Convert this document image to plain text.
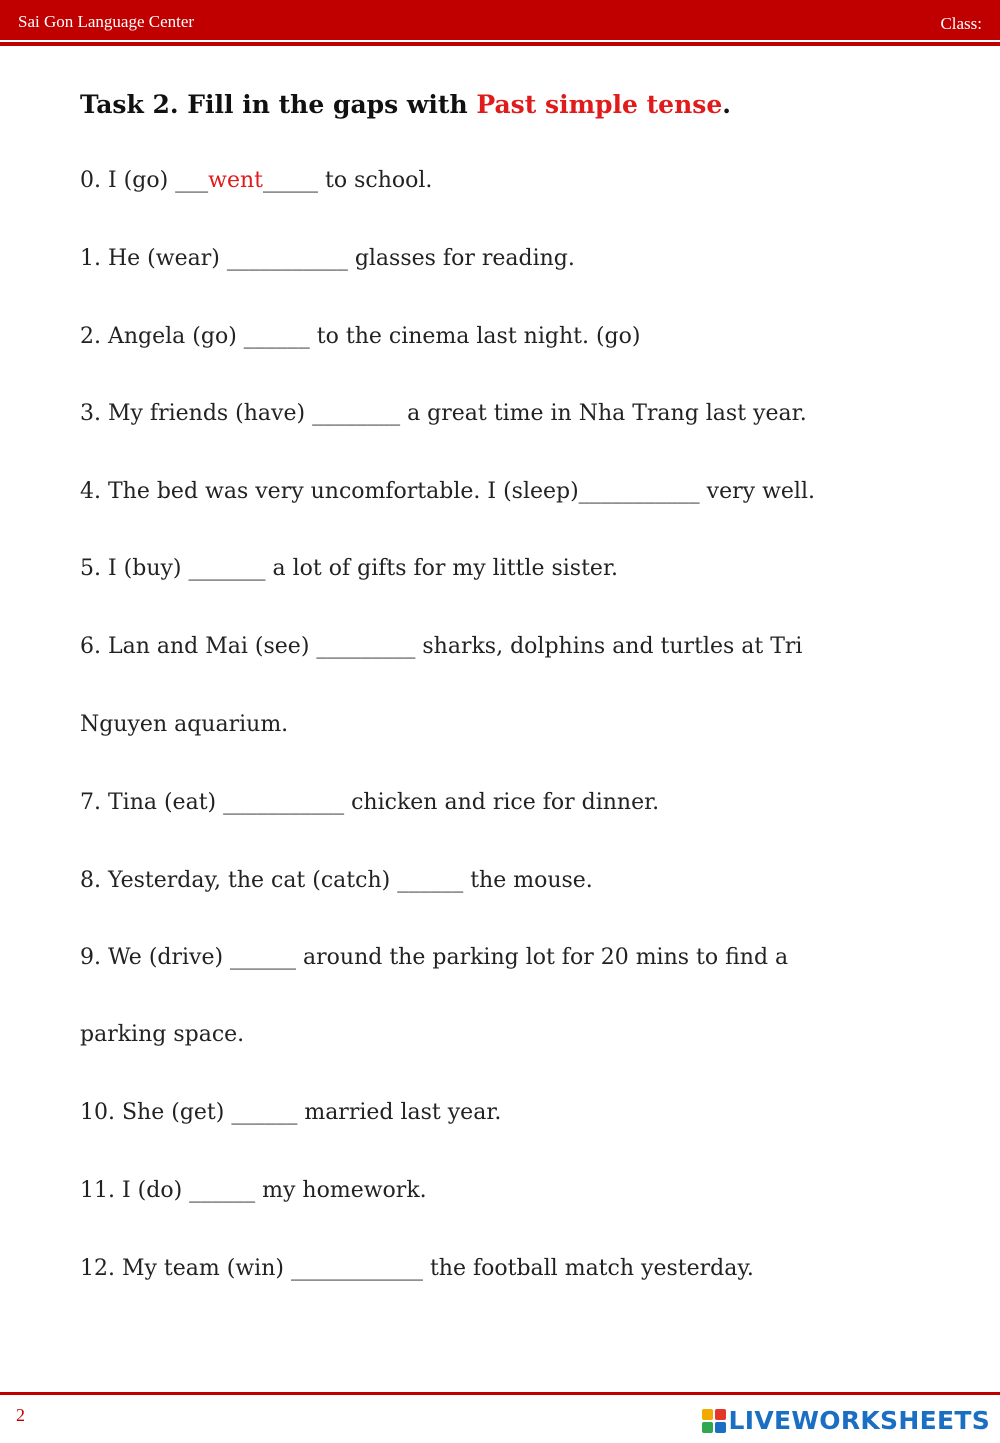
Sai Gon Language Center	Class:
Task 2. Fill in the gaps with Past simple tense.
0. I (go) ___went_____ to school.
1. He (wear) ___________ glasses for reading.
2. Angela (go) ______ to the cinema last night. (go)
3. My friends (have) ________ a great time in Nha Trang last year.
4. The bed was very uncomfortable. I (sleep)___________ very well.
5. I (buy) _______ a lot of gifts for my little sister.
6. Lan and Mai (see) _________ sharks, dolphins and turtles at Tri
Nguyen aquarium.
7. Tina (eat) ___________ chicken and rice for dinner.
8. Yesterday, the cat (catch) ______ the mouse.
9. We (drive) ______ around the parking lot for 20 mins to find a
parking space.
10. She (get) ______ married last year.
11. I (do) ______ my homework.
12. My team (win) ____________ the football match yesterday.
2	LIVEWORKSHEETS
